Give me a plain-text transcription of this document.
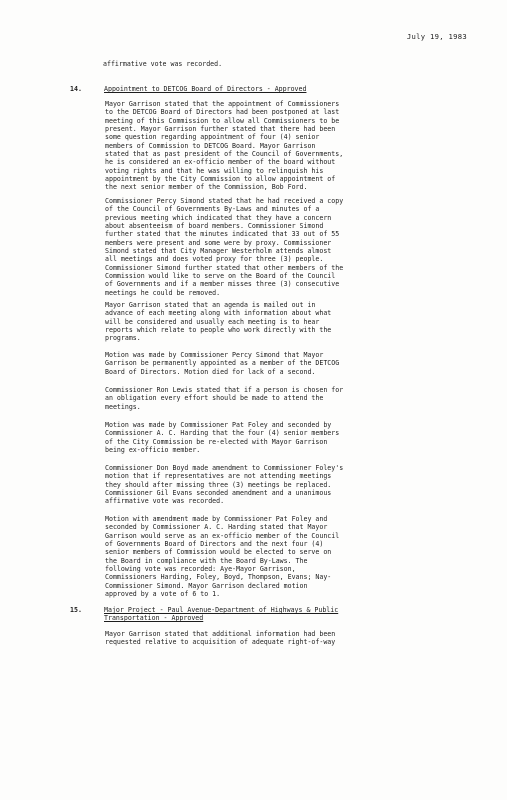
July 19, 1983
affirmative vote was recorded.
14.	Appointment to DETCOG Board of Directors - Approved
Mayor Garrison stated that the appointment of Commissioners
to the DETCOG Board of Directors had been postponed at last
meeting of this Commission to allow all Commissioners to be
present. Mayor Garrison further stated that there had been
some question regarding appointment of four (4) senior
members of Commission to DETCOG Board. Mayor Garrison
stated that as past president of the Council of Governments,
he is considered an ex-officio member of the board without
voting rights and that he was willing to relinquish his
appointment by the City Commission to allow appointment of
the next senior member of the Commission, Bob Ford.
Commissioner Percy Simond stated that he had received a copy
of the Council of Governments By-Laws and minutes of a
previous meeting which indicated that they have a concern
about absenteeism of board members. Commissioner Simond
further stated that the minutes indicated that 33 out of 55
members were present and some were by proxy. Commissioner
Simond stated that City Manager Westerholm attends almost
all meetings and does voted proxy for three (3) people.
Commissioner Simond further stated that other members of the
Commission would like to serve on the Board of the Council
of Governments and if a member misses three (3) consecutive
meetings he could be removed.
Mayor Garrison stated that an agenda is mailed out in
advance of each meeting along with information about what
will be considered and usually each meeting is to hear
reports which relate to people who work directly with the
programs.
Motion was made by Commissioner Percy Simond that Mayor
Garrison be permanently appointed as a member of the DETCOG
Board of Directors. Motion died for lack of a second.
Commissioner Ron Lewis stated that if a person is chosen for
an obligation every effort should be made to attend the
meetings.
Motion was made by Commissioner Pat Foley and seconded by
Commissioner A. C. Harding that the four (4) senior members
of the City Commission be re-elected with Mayor Garrison
being ex-officio member.
Commissioner Don Boyd made amendment to Commissioner Foley's
motion that if representatives are not attending meetings
they should after missing three (3) meetings be replaced.
Commissioner Gil Evans seconded amendment and a unanimous
affirmative vote was recorded.
Motion with amendment made by Commissioner Pat Foley and
seconded by Commissioner A. C. Harding stated that Mayor
Garrison would serve as an ex-officio member of the Council
of Governments Board of Directors and the next four (4)
senior members of Commission would be elected to serve on
the Board in compliance with the Board By-Laws. The
following vote was recorded: Aye-Mayor Garrison,
Commissioners Harding, Foley, Boyd, Thompson, Evans; Nay-
Commissioner Simond. Mayor Garrison declared motion
approved by a vote of 6 to 1.
15.	Major Project - Paul Avenue-Department of Highways & Public
Transportation - Approved
Mayor Garrison stated that additional information had been
requested relative to acquisition of adequate right-of-way
